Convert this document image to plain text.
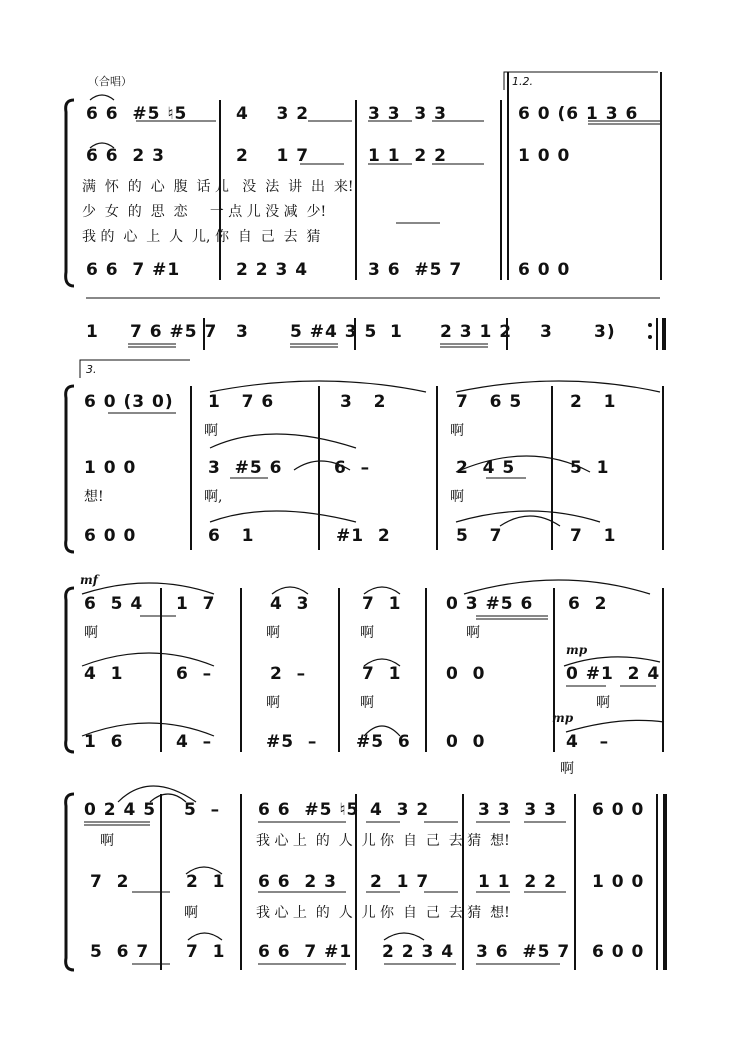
（合唱）	1.2.
6 6  #5 ♮5	4    3 2	3 3  3 3	6 0 (6 1 3 6
6 6  2 3	2    1 7	1 1  2 2	1 0 0
满  怀  的  心  腹  话 儿   没  法  讲  出  来!
少  女  的  思  恋     一 点 儿 没 减  少!
我 的  心  上  人  儿, 你  自  己  去  猜
6 6  7 #1	2 2 3 4	3 6  #5 7	6 0 0
1 7 6 #5 7 3 5 #4 3 5 1 2 3 1 2 3 3)
3.
6 0 (3 0) 1   7 6	3   2	7   6 5	2   1
啊	啊
1 0 0	3  #5 6	6  –	2  4 5	5  1
想!	啊,	啊
6 0 0	6   1	#1  2	5   7	7   1
mf
6  5 4 1  7	4  3	7  1	0 3 #5 6 6  2
啊	啊	啊	啊
mp
4  1	6  –	2  –	7  1	0  0	0 #1  2 4
啊	啊	啊
mp
1  6	4  –	#5  – #5  6 0  0	4   –
啊
0 2 4 5 5  – 6 6  #5 ♮5 4  3 2	3 3  3 3 6 0 0
啊	我 心 上  的  人  儿 你  自  己  去 猜  想!
7  2	2  1 6 6  2 3 2  1 7	1 1  2 2 1 0 0
啊	我 心 上  的  人  儿 你  自  己  去 猜  想!
5  6 7 7  1 6 6  7 #1 2 2 3 4 3 6  #5 7 6 0 0
